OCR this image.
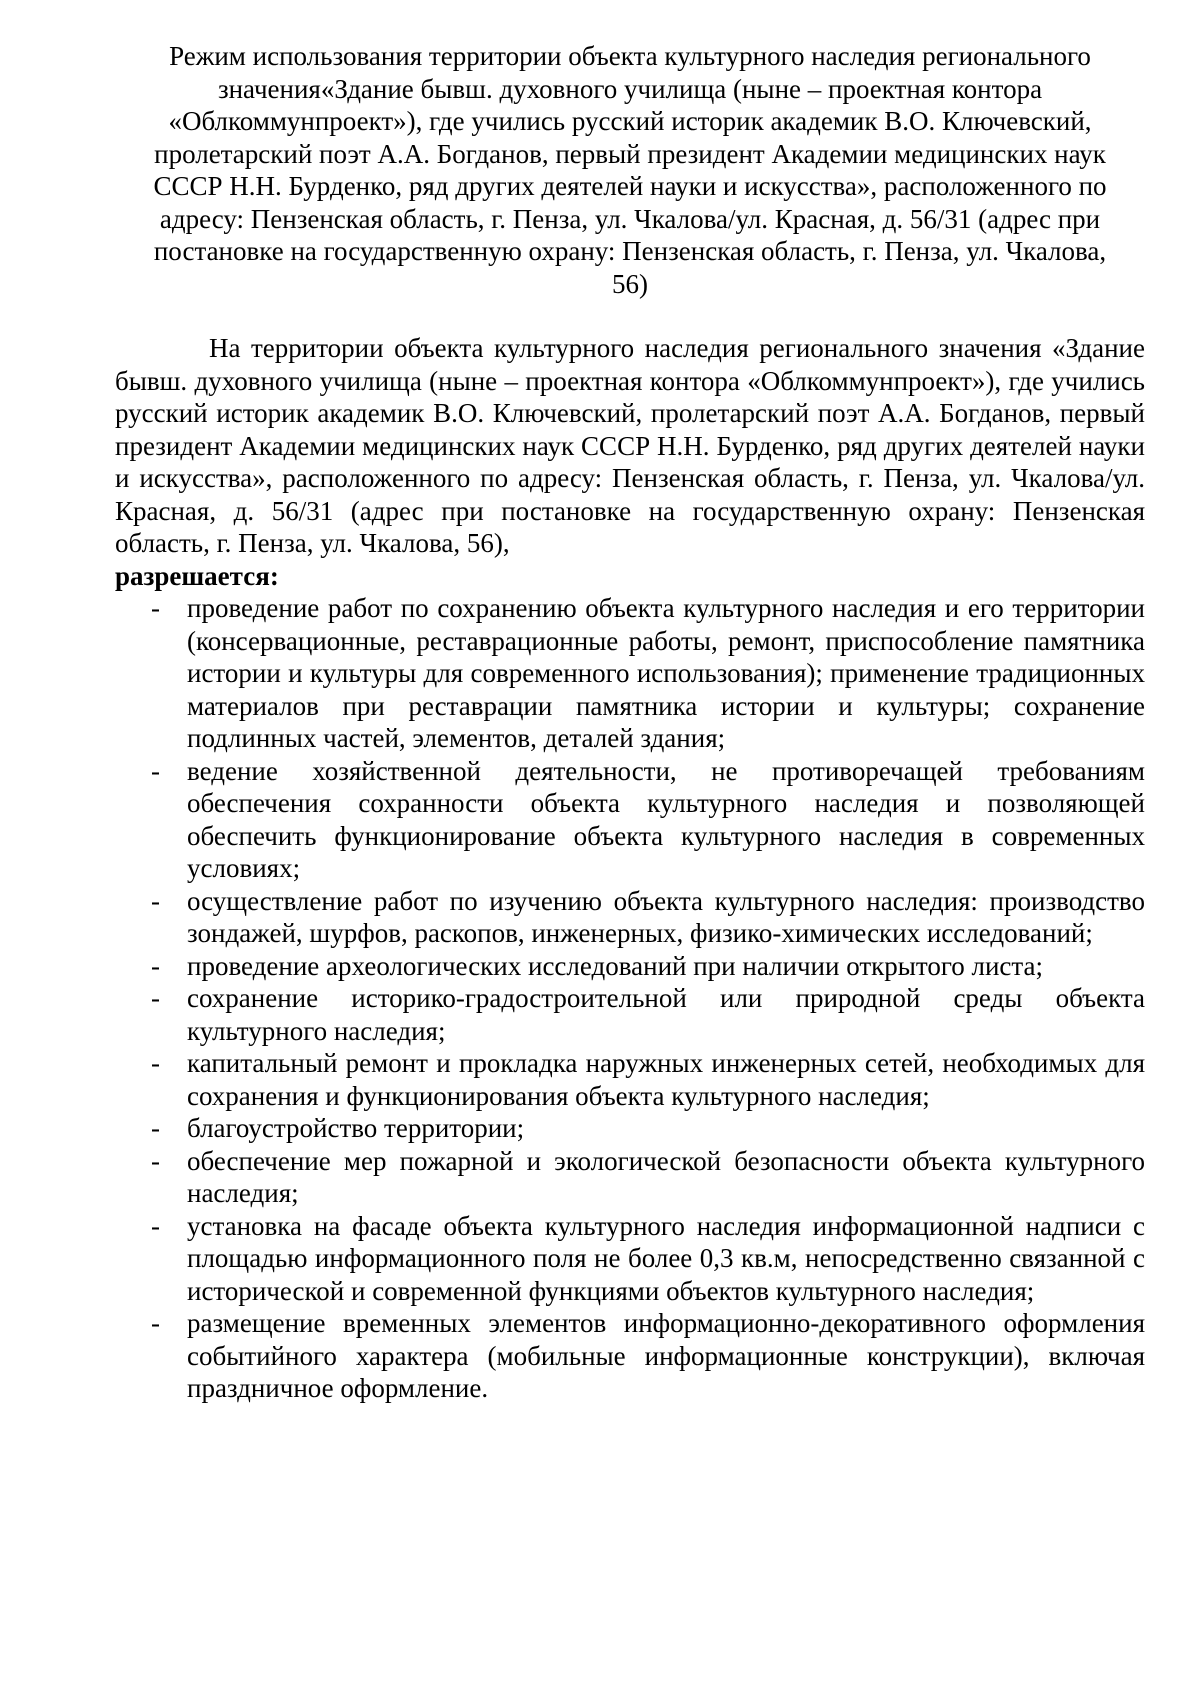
Режим использования территории объекта культурного наследия регионального
значения«Здание бывш. духовного училища (ныне – проектная контора
«Облкоммунпроект»), где учились русский историк академик В.О. Ключевский,
пролетарский поэт А.А. Богданов, первый президент Академии медицинских наук
СССР Н.Н. Бурденко, ряд других деятелей науки и искусства», расположенного по
адресу: Пензенская область, г. Пенза, ул. Чкалова/ул. Красная, д. 56/31 (адрес при
постановке на государственную охрану: Пензенская область, г. Пенза, ул. Чкалова,
56)

На территории объекта культурного наследия регионального значения «Здание бывш. духовного училища (ныне – проектная контора «Облкоммунпроект»), где учились русский историк академик В.О. Ключевский, пролетарский поэт А.А. Богданов, первый президент Академии медицинских наук СССР Н.Н. Бурденко, ряд других деятелей науки и искусства», расположенного по адресу: Пензенская область, г. Пенза, ул. Чкалова/ул. Красная, д. 56/31 (адрес при постановке на государственную охрану: Пензенская область, г. Пенза, ул. Чкалова, 56),
разрешается:

- проведение работ по сохранению объекта культурного наследия и его территории (консервационные, реставрационные работы, ремонт, приспособление памятника истории и культуры для современного использования); применение традиционных материалов при реставрации памятника истории и культуры; сохранение подлинных частей, элементов, деталей здания;
- ведение хозяйственной деятельности, не противоречащей требованиям обеспечения сохранности объекта культурного наследия и позволяющей обеспечить функционирование объекта культурного наследия в современных условиях;
- осуществление работ по изучению объекта культурного наследия: производство зондажей, шурфов, раскопов, инженерных, физико-химических исследований;
- проведение археологических исследований при наличии открытого листа;
- сохранение историко-градостроительной или природной среды объекта культурного наследия;
- капитальный ремонт и прокладка наружных инженерных сетей, необходимых для сохранения и функционирования объекта культурного наследия;
- благоустройство территории;
- обеспечение мер пожарной и экологической безопасности объекта культурного наследия;
- установка на фасаде объекта культурного наследия информационной надписи с площадью информационного поля не более 0,3 кв.м, непосредственно связанной с исторической и современной функциями объектов культурного наследия;
- размещение временных элементов информационно-декоративного оформления событийного характера (мобильные информационные конструкции), включая праздничное оформление.
